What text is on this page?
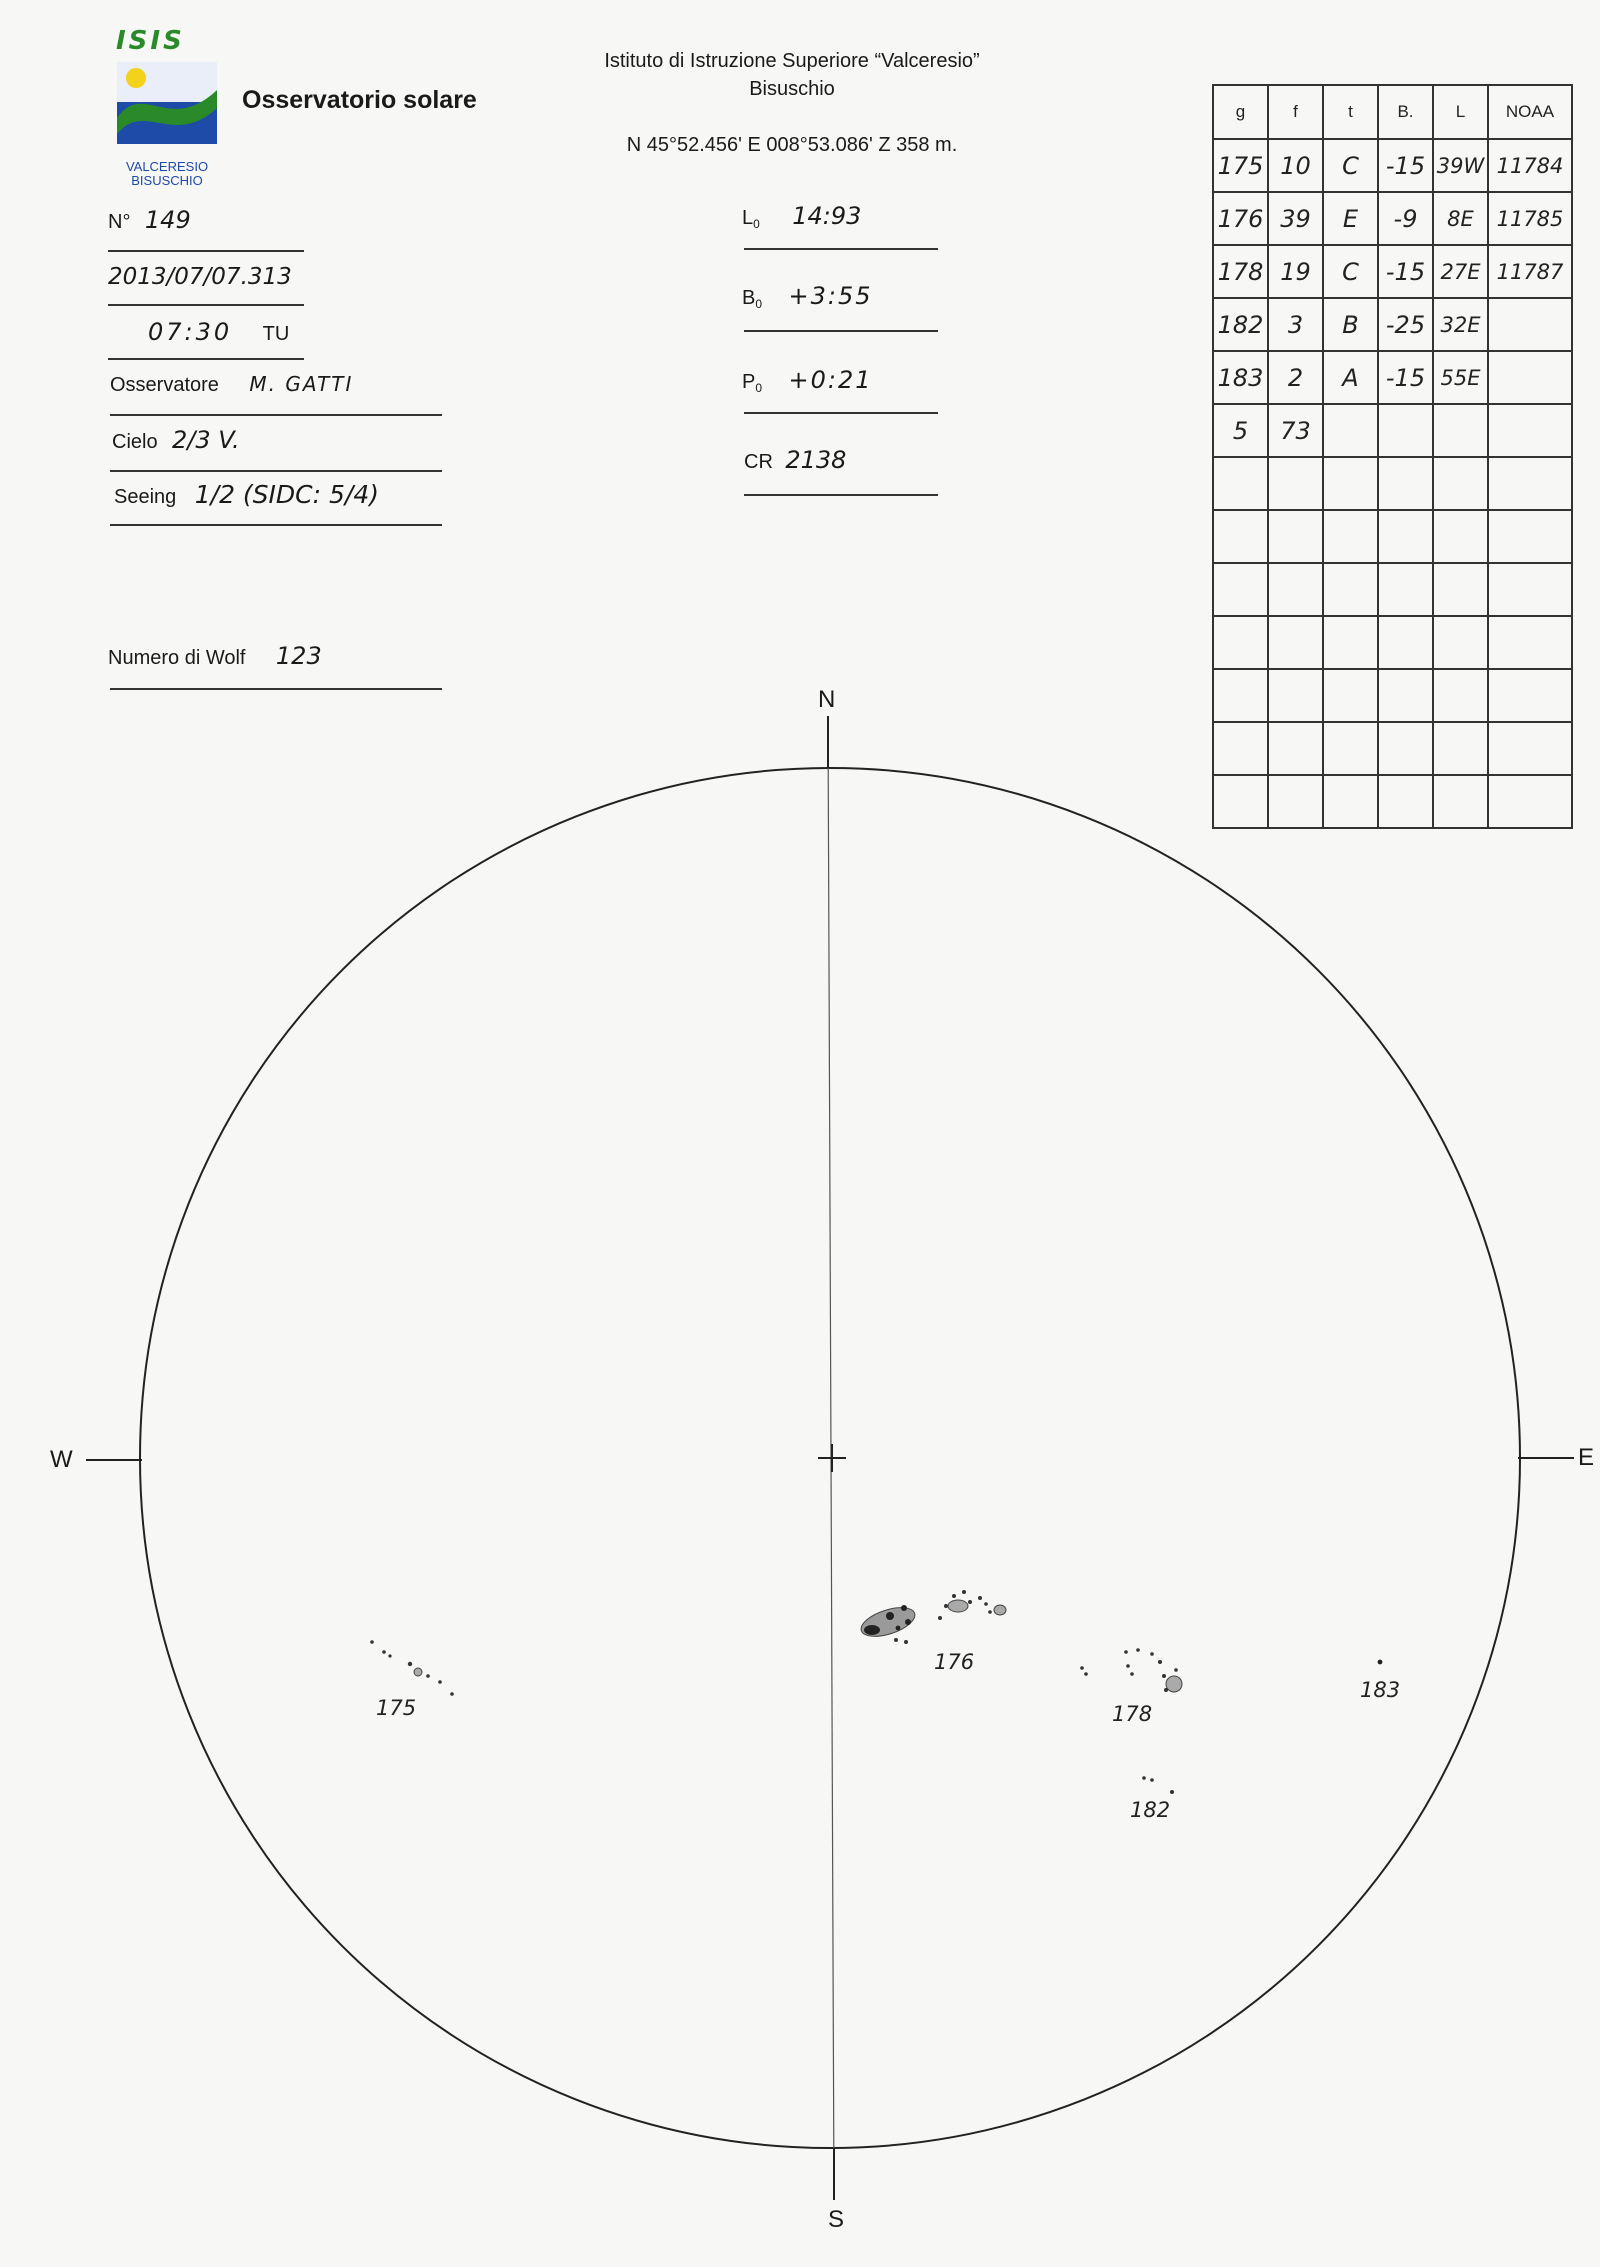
ISIS
VALCERESIO
BISUSCHIO
Osservatorio solare
Istituto di Istruzione Superiore “Valceresio”
Bisuschio
N 45°52.456' E 008°53.086' Z 358 m.
N° 149
2013/07/07.313
07:30 TU
Osservatore M. GATTI
Cielo 2/3 V.
Seeing 1/2 (SIDC: 5/4)
Numero di Wolf 123
$L_0$ 14:93
$B_0$ +3:55
$P_0$ +0:21
CR 2138
g	f	t	B.	L	NOAA
175	10	C	-15	39W	11784
176	39	E	-9	8E	11785
178	19	C	-15	27E	11787
182	3	B	-25	32E	
183	2	A	-15	55E	
5	73				

N
S
W	E
175
176
178
182
183
